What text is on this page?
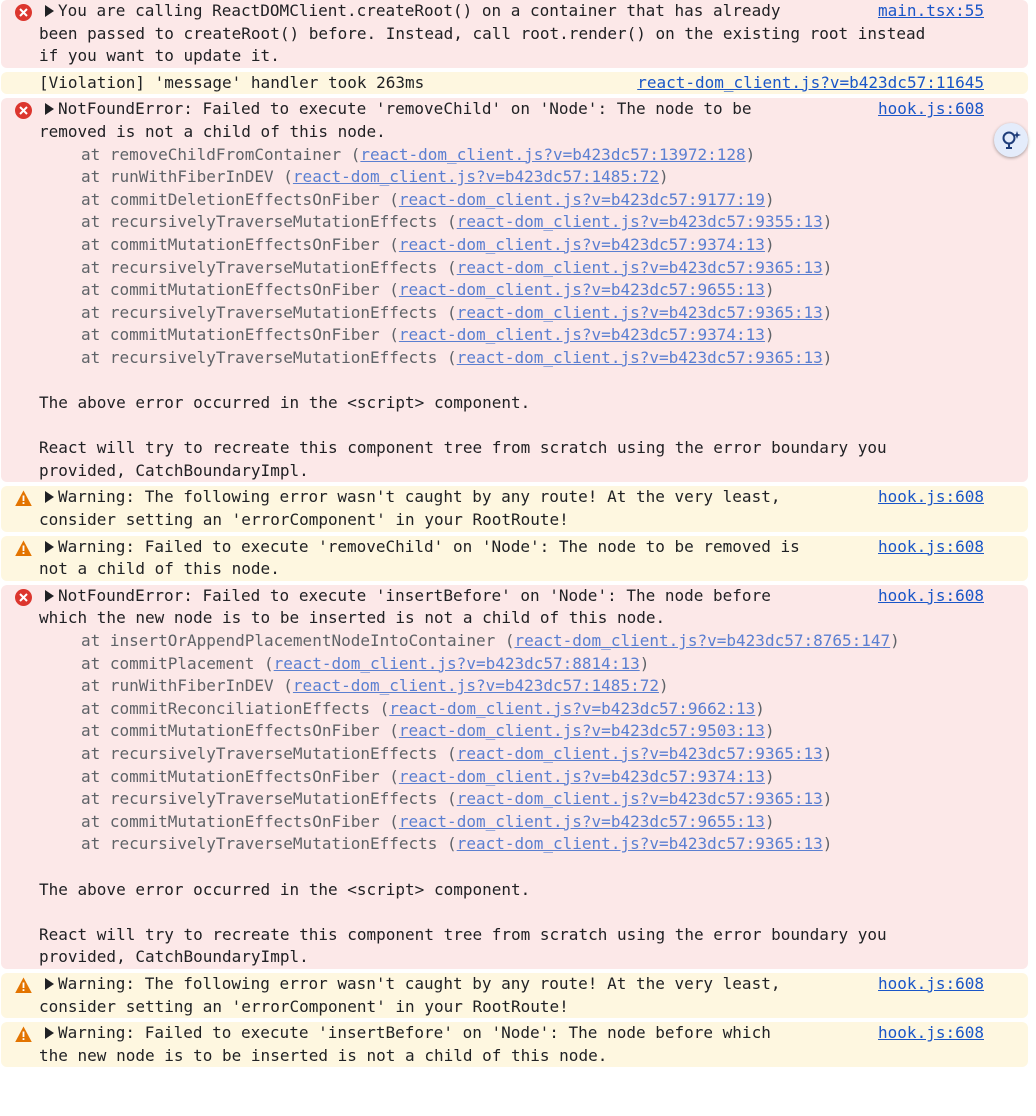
main.tsx:55
You are calling ReactDOMClient.createRoot() on a container that has already
been passed to createRoot() before. Instead, call root.render() on the existing root instead
if you want to update it.
react-dom_client.js?v=b423dc57:11645
[Violation] 'message' handler took 263ms
hook.js:608
NotFoundError: Failed to execute 'removeChild' on 'Node': The node to be
removed is not a child of this node.
at removeChildFromContainer (react-dom_client.js?v=b423dc57:13972:128)
at runWithFiberInDEV (react-dom_client.js?v=b423dc57:1485:72)
at commitDeletionEffectsOnFiber (react-dom_client.js?v=b423dc57:9177:19)
at recursivelyTraverseMutationEffects (react-dom_client.js?v=b423dc57:9355:13)
at commitMutationEffectsOnFiber (react-dom_client.js?v=b423dc57:9374:13)
at recursivelyTraverseMutationEffects (react-dom_client.js?v=b423dc57:9365:13)
at commitMutationEffectsOnFiber (react-dom_client.js?v=b423dc57:9655:13)
at recursivelyTraverseMutationEffects (react-dom_client.js?v=b423dc57:9365:13)
at commitMutationEffectsOnFiber (react-dom_client.js?v=b423dc57:9374:13)
at recursivelyTraverseMutationEffects (react-dom_client.js?v=b423dc57:9365:13)
The above error occurred in the <script> component.
React will try to recreate this component tree from scratch using the error boundary you
provided, CatchBoundaryImpl.
hook.js:608
Warning: The following error wasn't caught by any route! At the very least,
consider setting an 'errorComponent' in your RootRoute!
hook.js:608
Warning: Failed to execute 'removeChild' on 'Node': The node to be removed is
not a child of this node.
hook.js:608
NotFoundError: Failed to execute 'insertBefore' on 'Node': The node before
which the new node is to be inserted is not a child of this node.
at insertOrAppendPlacementNodeIntoContainer (react-dom_client.js?v=b423dc57:8765:147)
at commitPlacement (react-dom_client.js?v=b423dc57:8814:13)
at runWithFiberInDEV (react-dom_client.js?v=b423dc57:1485:72)
at commitReconciliationEffects (react-dom_client.js?v=b423dc57:9662:13)
at commitMutationEffectsOnFiber (react-dom_client.js?v=b423dc57:9503:13)
at recursivelyTraverseMutationEffects (react-dom_client.js?v=b423dc57:9365:13)
at commitMutationEffectsOnFiber (react-dom_client.js?v=b423dc57:9374:13)
at recursivelyTraverseMutationEffects (react-dom_client.js?v=b423dc57:9365:13)
at commitMutationEffectsOnFiber (react-dom_client.js?v=b423dc57:9655:13)
at recursivelyTraverseMutationEffects (react-dom_client.js?v=b423dc57:9365:13)
The above error occurred in the <script> component.
React will try to recreate this component tree from scratch using the error boundary you
provided, CatchBoundaryImpl.
hook.js:608
Warning: The following error wasn't caught by any route! At the very least,
consider setting an 'errorComponent' in your RootRoute!
hook.js:608
Warning: Failed to execute 'insertBefore' on 'Node': The node before which
the new node is to be inserted is not a child of this node.
